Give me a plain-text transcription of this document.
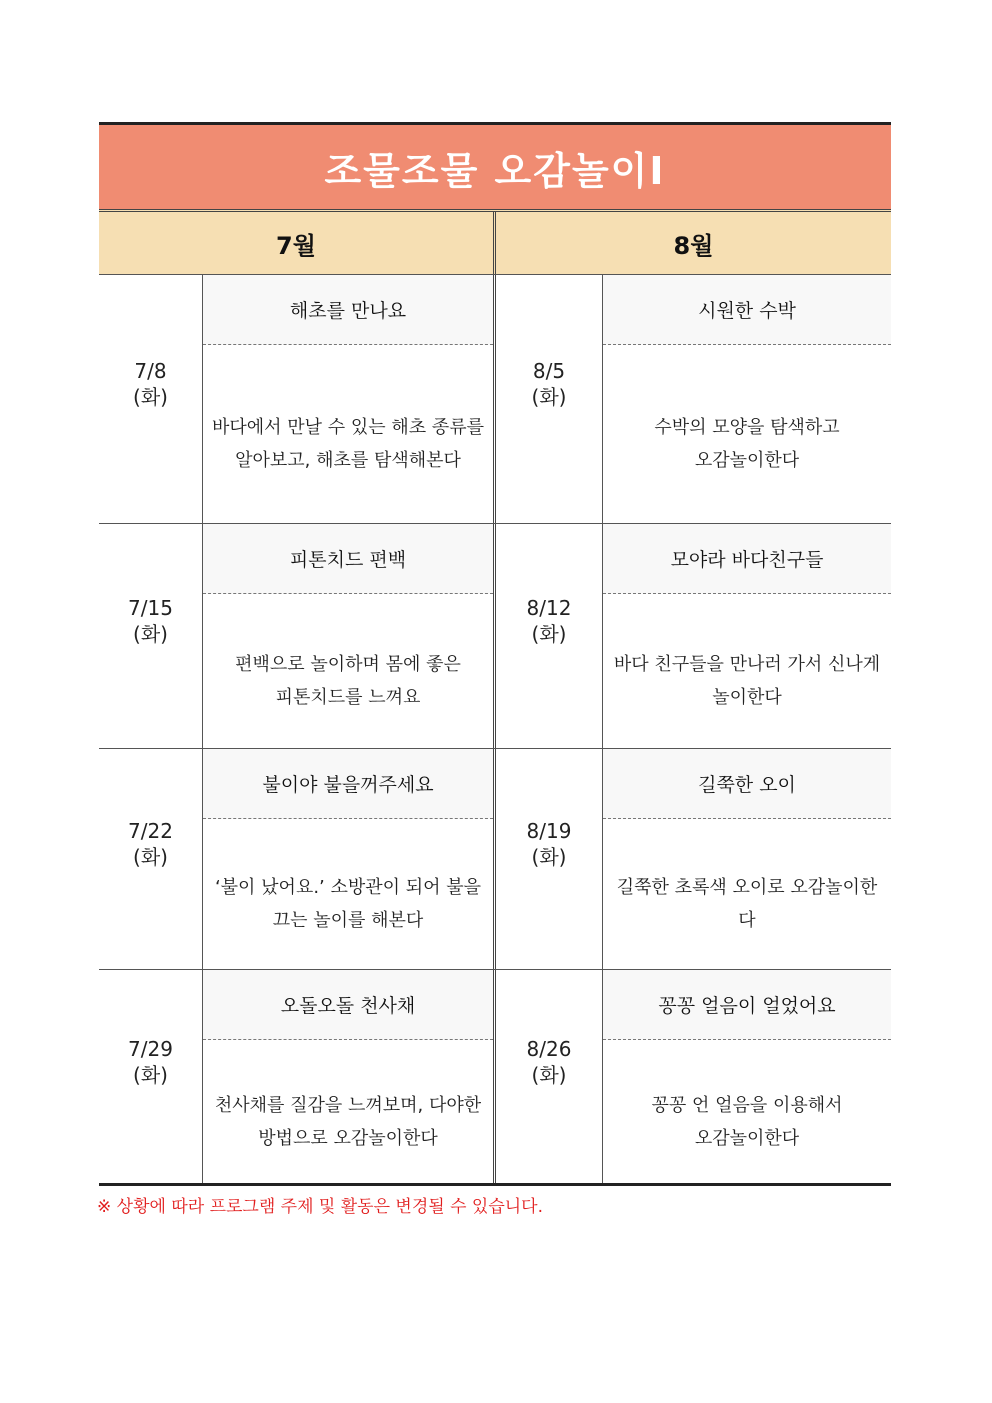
조물조물 오감놀이Ⅰ
7월	8월
7/8
(화)
해초를 만나요
바다에서 만날 수 있는 해초 종류를
알아보고, 해초를 탐색해본다
8/5
(화)
시원한 수박
수박의 모양을 탐색하고
오감놀이한다
7/15
(화)
피톤치드 편백
편백으로 놀이하며 몸에 좋은
피톤치드를 느껴요
8/12
(화)
모야라 바다친구들
바다 친구들을 만나러 가서 신나게
놀이한다
7/22
(화)
불이야 불을꺼주세요
‘불이 났어요.’ 소방관이 되어 불을
끄는 놀이를 해본다
8/19
(화)
길쭉한 오이
길쭉한 초록색 오이로 오감놀이한다
7/29
(화)
오돌오돌 천사채
천사채를 질감을 느껴보며, 다야한
방법으로 오감놀이한다
8/26
(화)
꽁꽁 얼음이 얼었어요
꽁꽁 언 얼음을 이용해서
오감놀이한다
※ 상황에 따라 프로그램 주제 및 활동은 변경될 수 있습니다.
